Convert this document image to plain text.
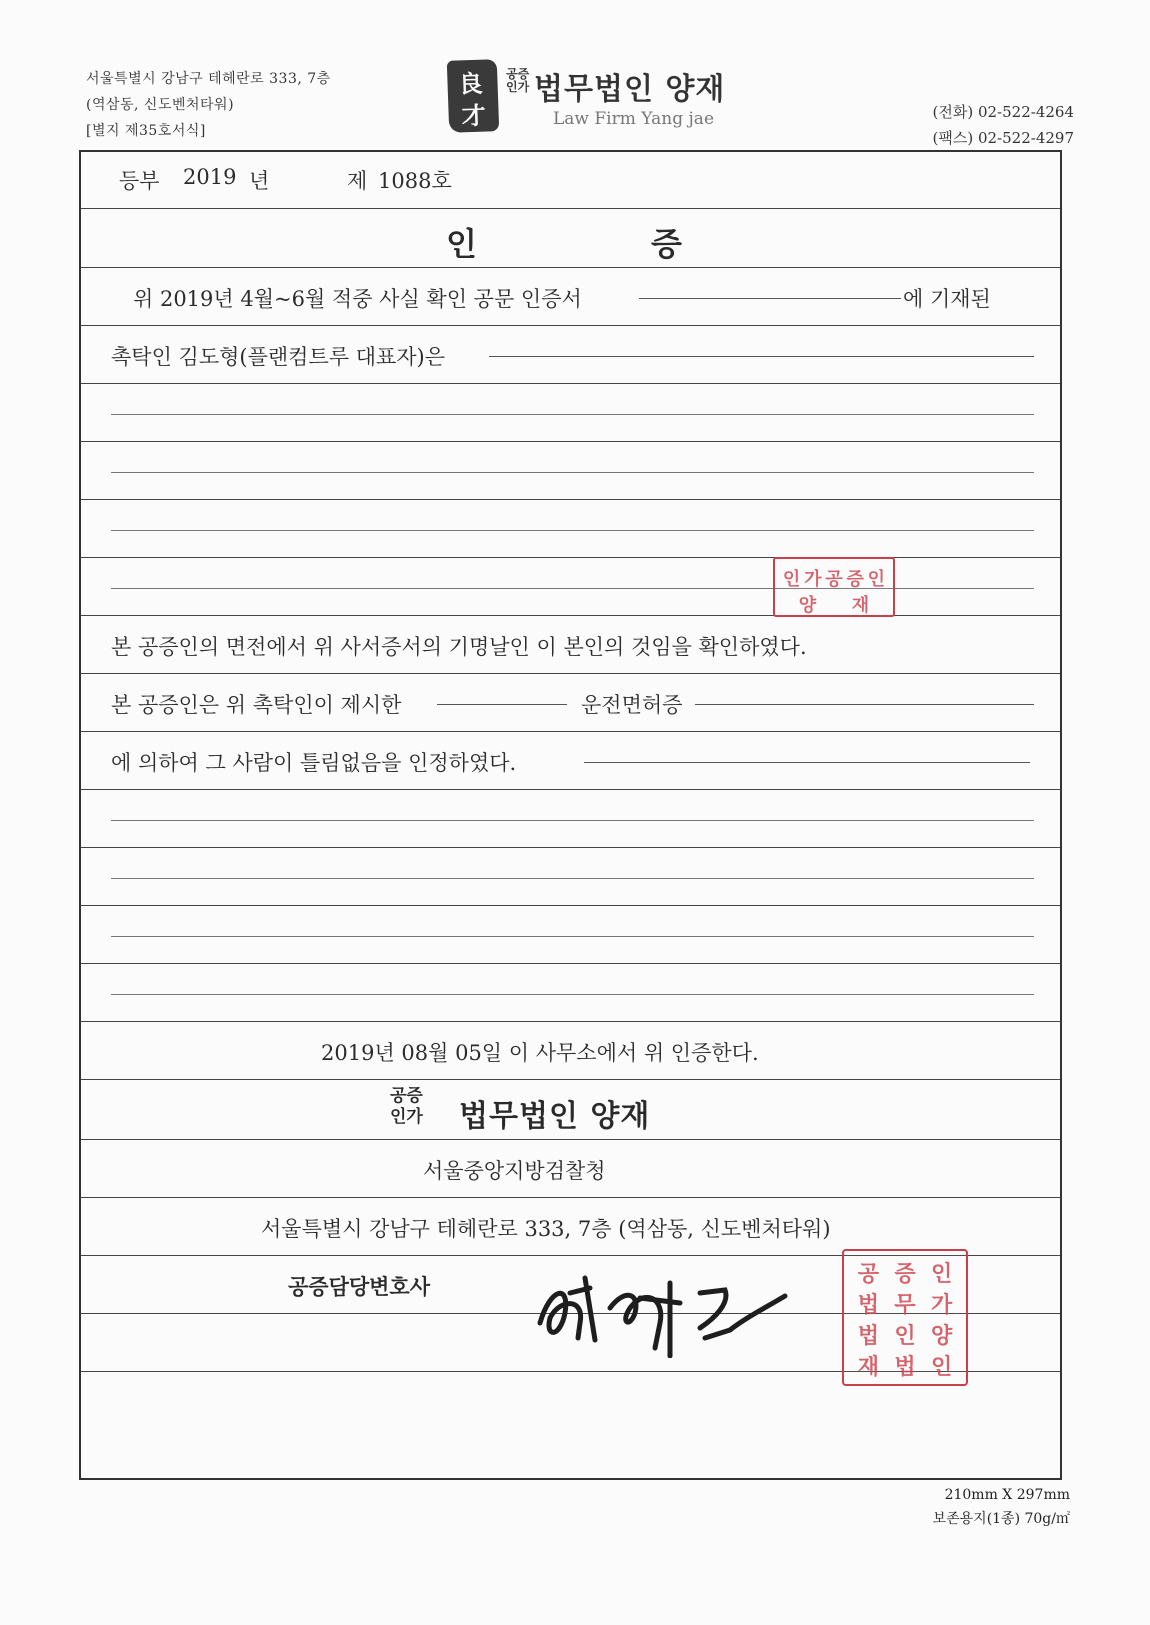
서울특별시 강남구 테헤란로 333, 7층
(역삼동, 신도벤처타워)
[별지 제35호서식]
良
才
공증
인가 법무법인 양재
Law Firm Yang jae	(전화) 02-522-4264
(팩스) 02-522-4297
등부 2019 년	제 1088호
인	증
위 2019년 4월~6월 적중 사실 확인 공문 인증서	에 기재된
촉탁인 김도형(플랜컴트루 대표자)은
본 공증인의 면전에서 위 사서증서의 기명날인 이 본인의 것임을 확인하였다.
본 공증인은 위 촉탁인이 제시한	운전면허증
에 의하여 그 사람이 틀림없음을 인정하였다.
2019년 08월 05일 이 사무소에서 위 인증한다.
공증
인가 법무법인 양재
서울중앙지방검찰청
서울특별시 강남구 테헤란로 333, 7층 (역삼동, 신도벤처타워)
공증담당변호사
인 가 공 증 인
양 재
공 증 인
법 무 가
법 인 양
재 법 인
210mm X 297mm
보존용지(1종) 70g/㎡
